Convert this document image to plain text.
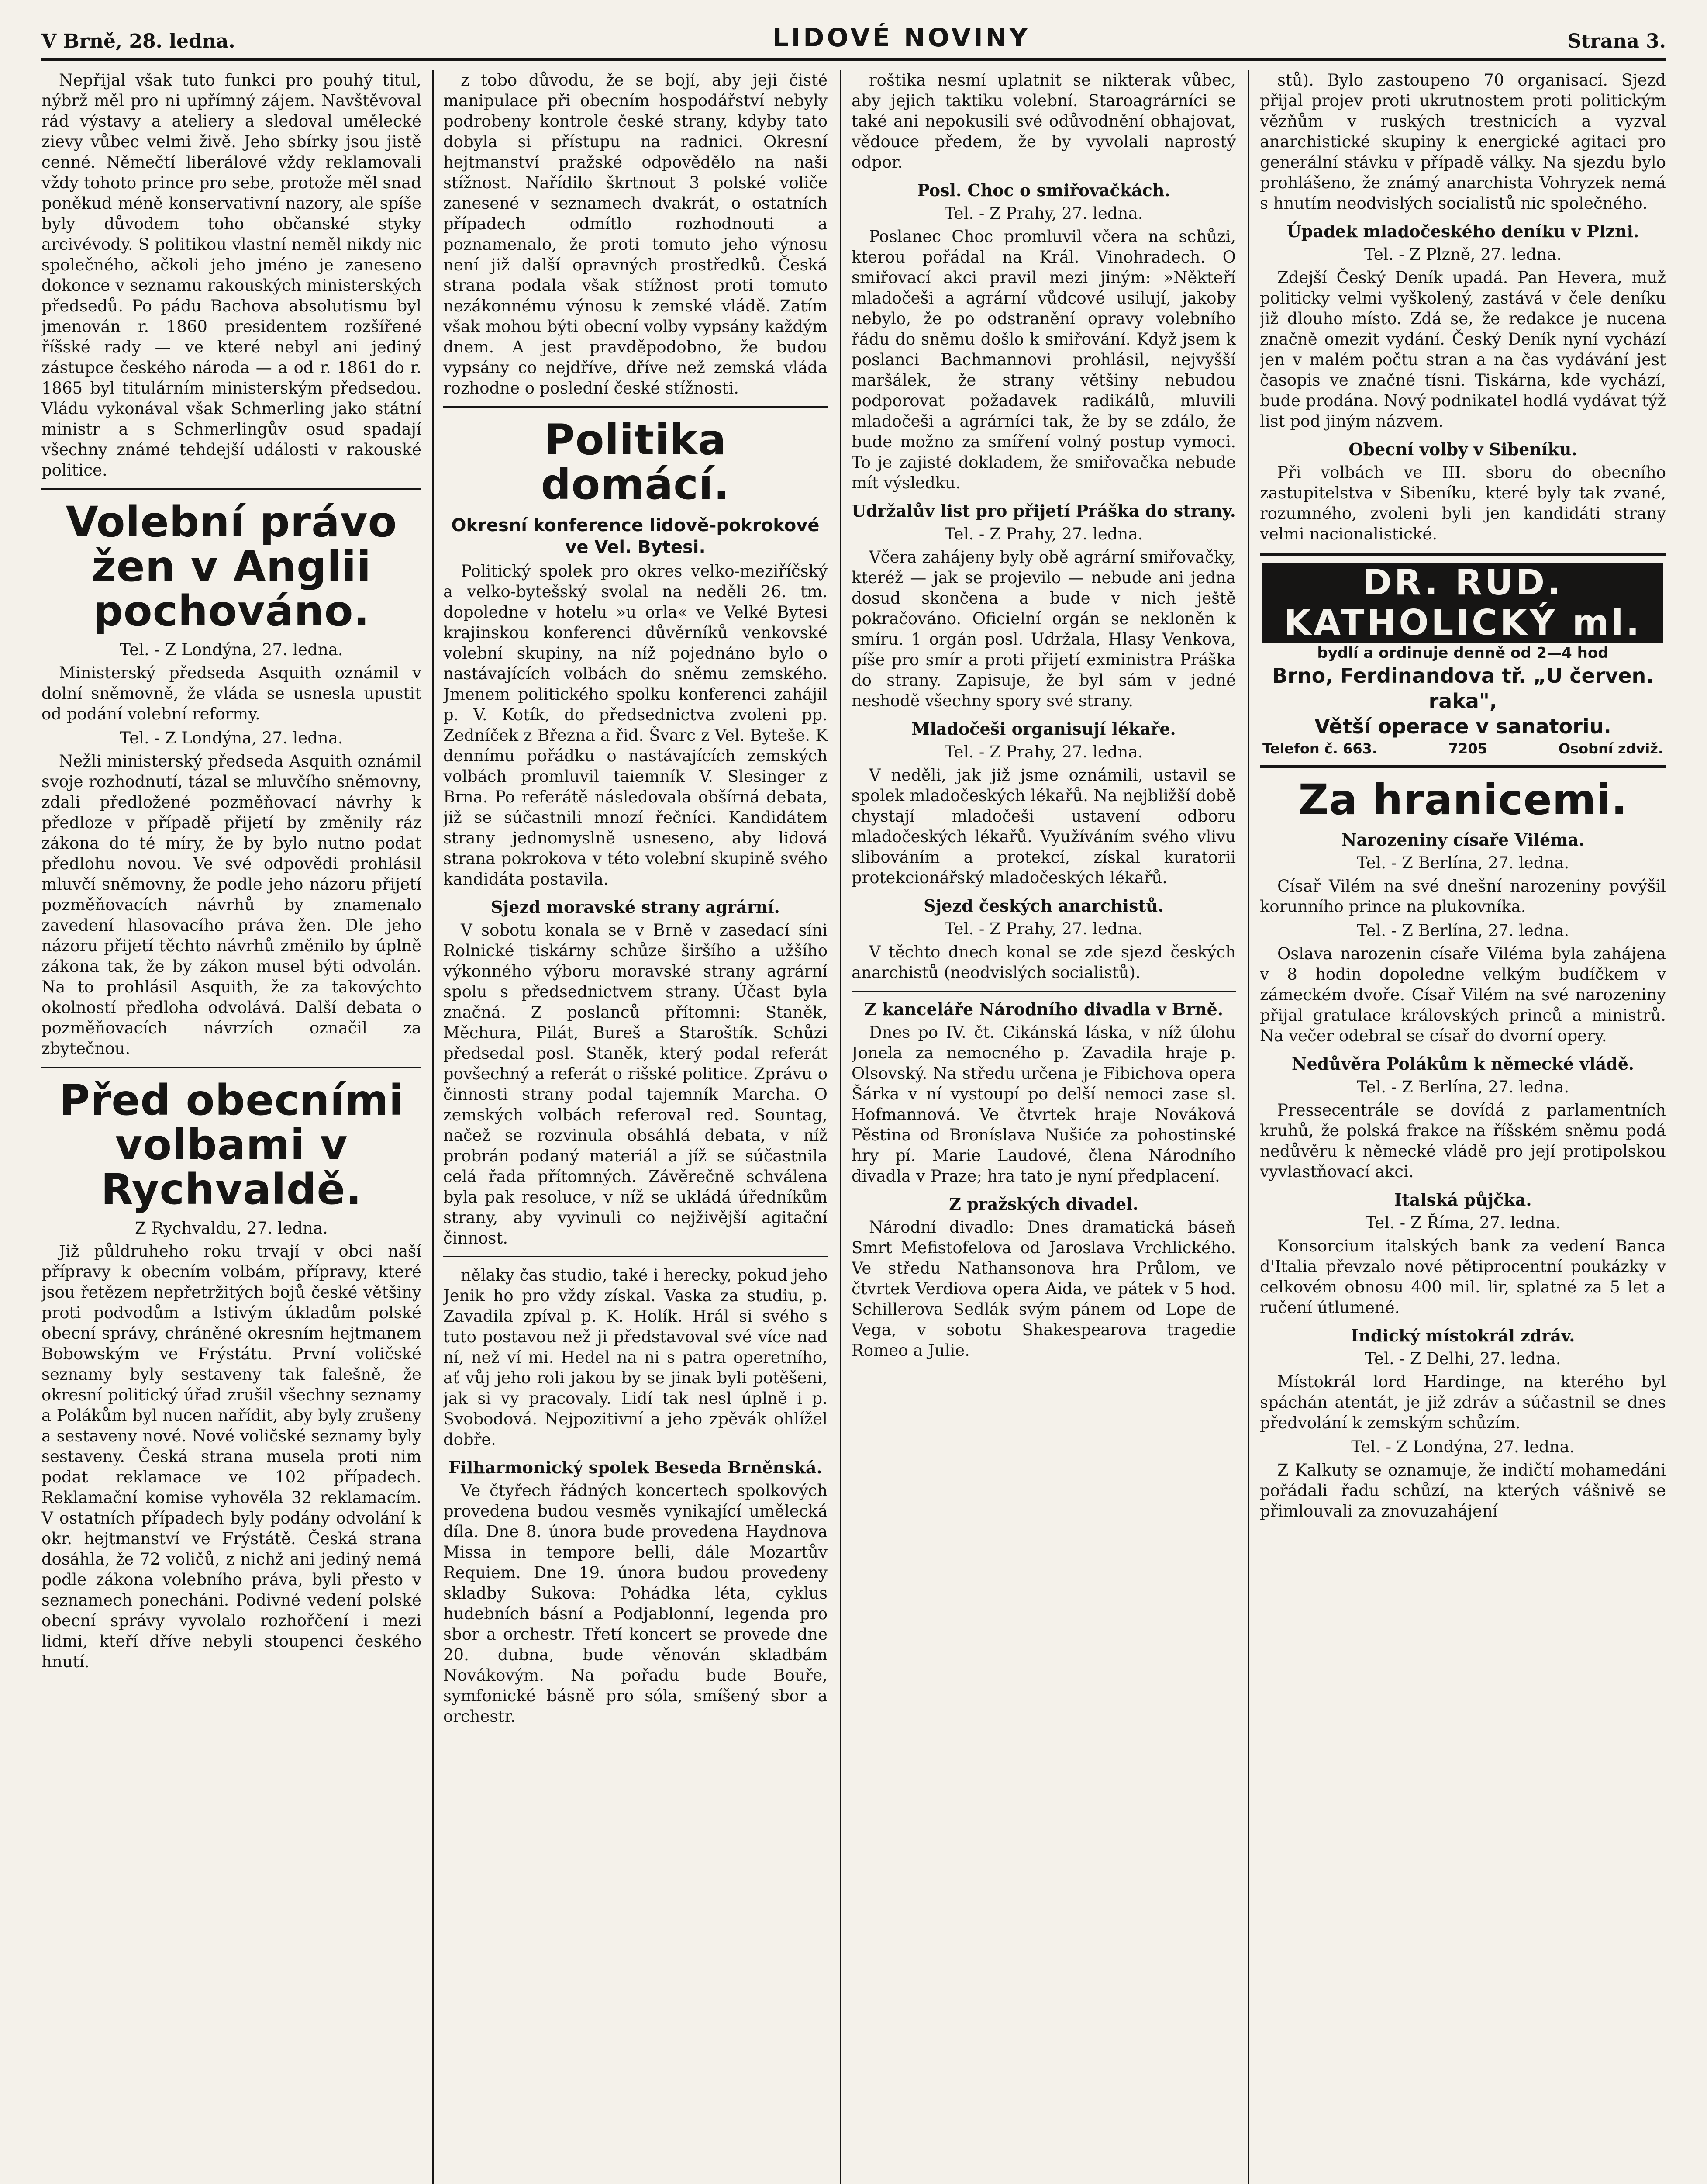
V Brně, 28. ledna.	LIDOVÉ NOVINY	Strana 3.

Nepřijal však tuto funkci pro pouhý titul, nýbrž měl pro ni upřímný zájem. Navštěvoval rád výstavy a ateliery a sledoval umělecké zievy vůbec velmi živě. Jeho sbírky jsou jistě cenné. Němečtí liberálové vždy reklamovali vždy tohoto prince pro sebe, protože měl snad poněkud méně konservativní nazory, ale spíše byly důvodem toho občanské styky arcivévody. S politikou vlastní neměl nikdy nic společného, ačkoli jeho jméno je zaneseno dokonce v seznamu rakouských ministerských předsedů. Po pádu Bachova absolutismu byl jmenován r. 1860 presidentem rozšířené říšské rady — ve které nebyl ani jediný zástupce českého národa — a od r. 1861 do r. 1865 byl titulárním ministerským předsedou. Vládu vykonával však Schmerling jako státní ministr a s Schmerlingův osud spadají všechny známé tehdejší události v rakouské politice.

Volební právo žen v Anglii pochováno.
Tel. - Z Londýna, 27. ledna.

Ministerský předseda Asquith oznámil v dolní sněmovně, že vláda se usnesla upustit od podání volební reformy.

Tel. - Z Londýna, 27. ledna.

Nežli ministerský předseda Asquith oznámil svoje rozhodnutí, tázal se mluvčího sněmovny, zdali předložené pozměňovací návrhy k předloze v případě přijetí by změnily ráz zákona do té míry, že by bylo nutno podat předlohu novou. Ve své odpovědi prohlásil mluvčí sněmovny, že podle jeho názoru přijetí pozměňovacích návrhů by znamenalo zavedení hlasovacího práva žen. Dle jeho názoru přijetí těchto návrhů změnilo by úplně zákona tak, že by zákon musel býti odvolán. Na to prohlásil Asquith, že za takovýchto okolností předloha odvolává. Další debata o pozměňovacích návrzích označil za zbytečnou.

Před obecními volbami v Rychvaldě.
Z Rychvaldu, 27. ledna.

Již půldruheho roku trvají v obci naší přípravy k obecním volbám, přípravy, které jsou řetězem nepřetržitých bojů české většiny proti podvodům a lstivým úkladům polské obecní správy, chráněné okresním hejtmanem Bobowským ve Frýstátu. První voličské seznamy byly sestaveny tak falešně, že okresní politický úřad zrušil všechny seznamy a Polákům byl nucen nařídit, aby byly zrušeny a sestaveny nové. Nové voličské seznamy byly sestaveny. Česká strana musela proti nim podat reklamace ve 102 případech. Reklamační komise vyhověla 32 reklamacím. V ostatních případech byly podány odvolání k okr. hejtmanství ve Frýstátě. Česká strana dosáhla, že 72 voličů, z nichž ani jediný nemá podle zákona volebního práva, byli přesto v seznamech ponecháni. Podivné vedení polské obecní správy vyvolalo rozhořčení i mezi lidmi, kteří dříve nebyli stoupenci českého hnutí.

z tobo důvodu, že se bojí, aby jeji čisté manipulace při obecním hospodářství nebyly podrobeny kontrole české strany, kdyby tato dobyla si přístupu na radnici. Okresní hejtmanství pražské odpovědělo na naši stížnost. Nařídilo škrtnout 3 polské voliče zanesené v seznamech dvakrát, o ostatních případech odmítlo rozhodnouti a poznamenalo, že proti tomuto jeho výnosu není již další opravných prostředků. Česká strana podala však stížnost proti tomuto nezákonnému výnosu k zemské vládě. Zatím však mohou býti obecní volby vypsány každým dnem. A jest pravděpodobno, že budou vypsány co nejdříve, dříve než zemská vláda rozhodne o poslední české stížnosti.

Politika domácí.
Okresní konference lidově-pokrokové ve Vel. Bytesi.

Politický spolek pro okres velko-meziříčský a velko-bytešský svolal na neděli 26. tm. dopoledne v hotelu »u orla« ve Velké Bytesi krajinskou konferenci důvěrníků venkovské volební skupiny, na níž pojednáno bylo o nastávajících volbách do sněmu zemského. Jmenem politického spolku konferenci zahájil p. V. Kotík, do předsednictva zvoleni pp. Zedníček z Března a řid. Švarc z Vel. Bytešе. K dennímu pořádku o nastávajících zemských volbách promluvil taiemník V. Slesinger z Brna. Po referátě následovala obšírná debata, již se súčastnili mnozí řečníci. Kandidátem strany jednomyslně usneseno, aby lidová strana pokrokova v této volební skupině svého kandidáta postavila.

Sjezd moravské strany agrární.

V sobotu konala se v Brně v zasedací síni Rolnické tiskárny schůze širšího a užšího výkonného výboru moravské strany agrární spolu s předsednictvem strany. Účast byla značná. Z poslanců přítomni: Staněk, Měchura, Pilát, Bureš a Staroštík. Schůzi předsedal posl. Staněk, který podal referát povšechný a referát o rišské politice. Zprávu o činnosti strany podal tajemník Marcha. O zemských volbách referoval red. Sountag, načež se rozvinula obsáhlá debata, v níž probrán podaný materiál a jíž se súčastnila celá řada přítomných. Závěrečně schválena byla pak resoluce, v níž se ukládá úředníkům strany, aby vyvinuli co nejživější agitační činnost.

nělaky čas studio, také i herecky, pokud jeho Jenik ho pro vždy získal. Vaska za studiu, p. Zavadila zpíval p. K. Holík. Hrál si svého s tuto postavou než ji představoval své více nad ní, než ví mi. Hedel na ni s patra operetního, ať vůj jeho roli jakou by se jinak byli potěšeni, jak si vy pracovaly. Lidí tak nesl úplně i p. Svobodová. Nejpozitivní a jeho zpěvák ohlížel dobře.

Filharmonický spolek Beseda Brněnská.

Ve čtyřech řádných koncertech spolkových provedena budou vesměs vynikající umělecká díla. Dne 8. února bude provedena Haydnova Missa in tempore belli, dále Mozartův Requiem. Dne 19. února budou provedeny skladby Sukova: Pohádka léta, cyklus hudebních básní a Podjablonní, legenda pro sbor a orchestr. Třetí koncert se provede dne 20. dubna, bude věnován skladbám Novákovým. Na pořadu bude Bouře, symfonické básně pro sóla, smíšený sbor a orchestr.

roštika nesmí uplatnit se nikterak vůbec, aby jejich taktiku volební. Staroagrárníci se také ani nepokusili své odůvodnění obhajovat, vědouce předem, že by vyvolali naprostý odpor.

Posl. Choc o smiřovačkách.
Tel. - Z Prahy, 27. ledna.

Poslanec Choc promluvil včera na schůzi, kterou pořádal na Král. Vinohradech. O smiřovací akci pravil mezi jiným: »Někteří mladočeši a agrární vůdcové usilují, jakoby nebylo, že po odstranění opravy volebního řádu do sněmu došlo k smiřování. Když jsem k poslanci Bachmannovi prohlásil, nejvyšší maršálek, že strany většiny nebudou podporovat požadavek radikálů, mluvili mladočeši a agrárníci tak, že by se zdálo, že bude možno za smíření volný postup vymoci. To je zajisté dokladem, že smiřovačka nebude mít výsledku.

Udržalův list pro přijetí Práška do strany.
Tel. - Z Prahy, 27. ledna.

Včera zahájeny byly obě agrární smiřovačky, kteréž — jak se projevilo — nebude ani jedna dosud skončena a bude v nich ještě pokračováno. Oficielní orgán se nekloněn k smíru. 1 orgán posl. Udržala, Hlasy Venkova, píše pro smír a proti přijetí exministra Práška do strany. Zapisuje, že byl sám v jedné neshodě všechny spory své strany.

Mladočeši organisují lékaře.
Tel. - Z Prahy, 27. ledna.

V neděli, jak již jsme oznámili, ustavil se spolek mladočeských lékařů. Na nejbližší době chystají mladočeši ustavení odboru mladočeských lékařů. Využíváním svého vlivu slibováním a protekcí, získal kuratorii protekcionářský mladočeských lékařů.

Sjezd českých anarchistů.
Tel. - Z Prahy, 27. ledna.

V těchto dnech konal se zde sjezd českých anarchistů (neodvislých socialistů).

Z kanceláře Národního divadla v Brně.

Dnes po IV. čt. Cikánská láska, v níž úlohu Jonela za nemocného p. Zavadila hraje p. Olsovský. Na středu určena je Fibichova opera Šárka v ní vystoupí po delší nemoci zase sl. Hofmannová. Ve čtvrtek hraje Nováková Pěstina od Broníslava Nušiće za pohostinské hry pí. Marie Laudové, člena Národního divadla v Praze; hra tato je nyní předplacení.

Z pražských divadel.

Národní divadlo: Dnes dramatická báseň Smrt Mefistofelova od Jaroslava Vrchlického. Ve středu Nathansonova hra Průlom, ve čtvrtek Verdiova opera Aida, ve pátek v 5 hod. Schillerova Sedlák svým pánem od Lope de Vega, v sobotu Shakespearova tragedie Romeo a Julie.

stů). Bylo zastoupeno 70 organisací. Sjezd přijal projev proti ukrutnostem proti politickým vězňům v ruských trestnicích a vyzval anarchistické skupiny k energické agitaci pro generální stávku v případě války. Na sjezdu bylo prohlášeno, že známý anarchista Vohryzek nemá s hnutím neodvislých socialistů nic společného.

Úpadek mladočeského deníku v Plzni.
Tel. - Z Plzně, 27. ledna.

Zdejší Český Deník upadá. Pan Hevera, muž politicky velmi vyškolený, zastává v čele deníku již dlouho místo. Zdá se, že redakce je nucena značně omezit vydání. Český Deník nyní vychází jen v malém počtu stran a na čas vydávání jest časopis ve značné tísni. Tiskárna, kde vychází, bude prodána. Nový podnikatel hodlá vydávat týž list pod jiným názvem.

Obecní volby v Sibeníku.

Při volbách ve III. sboru do obecního zastupitelstva v Sibeníku, které byly tak zvané, rozumného, zvoleni byli jen kandidáti strany velmi nacionalistické.

DR. RUD. KATHOLICKÝ ml.
bydlí a ordinuje denně od 2—4 hod
Brno, Ferdinandova tř. „U červen. raka",
Větší operace v sanatoriu.
Telefon č. 663.	7205	Osobní zdviž.
Za hranicemi.
Narozeniny císaře Viléma.
Tel. - Z Berlína, 27. ledna.

Císař Vilém na své dnešní narozeniny povýšil korunního prince na plukovníka.

Tel. - Z Berlína, 27. ledna.

Oslava narozenin císaře Viléma byla zahájena v 8 hodin dopoledne velkým budíčkem v zámeckém dvoře. Císař Vilém na své narozeniny přijal gratulace královských princů a ministrů. Na večer odebral se císař do dvorní opery.

Nedůvěra Polákům k německé vládě.
Tel. - Z Berlína, 27. ledna.

Pressecentrále se dovídá z parlamentních kruhů, že polská frakce na říšském sněmu podá nedůvěru k německé vládě pro její protipolskou vyvlastňovací akci.

Italská půjčka.
Tel. - Z Říma, 27. ledna.

Konsorcium italských bank za vedení Banca d'Italia převzalo nové pětiprocentní poukázky v celkovém obnosu 400 mil. lir, splatné za 5 let a ručení útlumené.

Indický místokrál zdráv.
Tel. - Z Delhi, 27. ledna.

Místokrál lord Hardinge, na kterého byl spáchán atentát, je již zdráv a súčastnil se dnes předvolání k zemským schůzím.

Tel. - Z Londýna, 27. ledna.

Z Kalkuty se oznamuje, že indičtí mohamedáni pořádali řadu schůzí, na kterých vášnivě se přimlouvali za znovuzahájení
